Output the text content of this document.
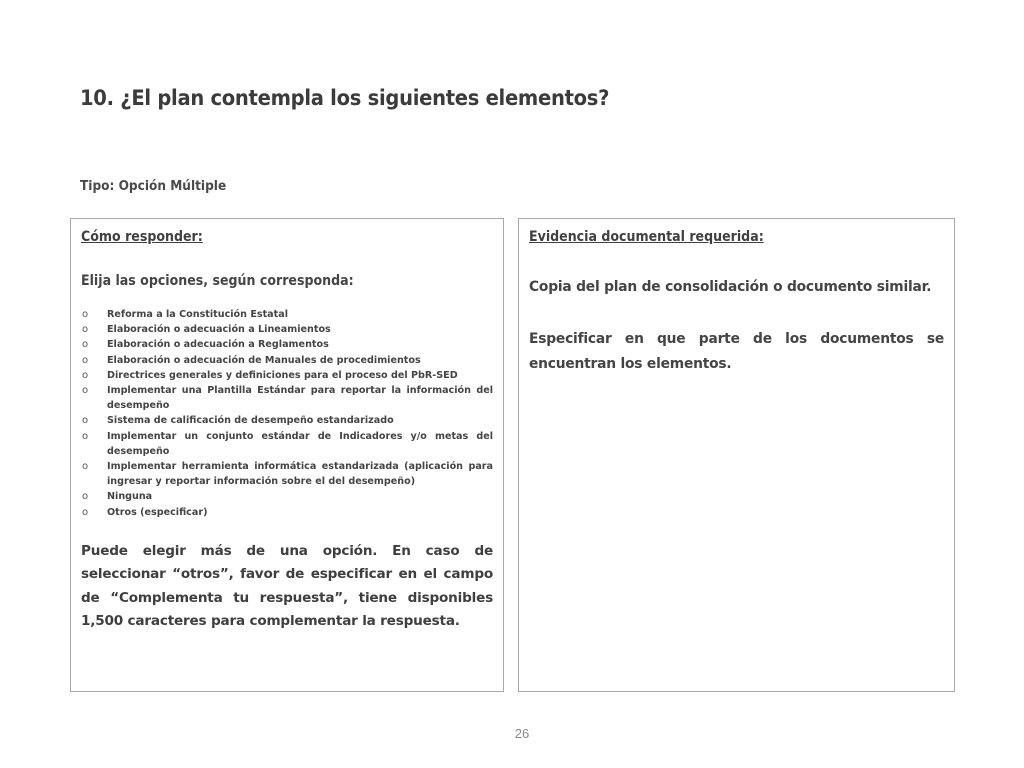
10. ¿El plan contempla los siguientes elementos?
Tipo: Opción Múltiple
Cómo responder:
Elija las opciones, según corresponda:
o Reforma a la Constitución Estatal
o Elaboración o adecuación a Lineamientos
o Elaboración o adecuación a Reglamentos
o Elaboración o adecuación de Manuales de procedimientos
o Directrices generales y definiciones para el proceso del PbR-SED
o Implementar una Plantilla Estándar para reportar la información del desempeño
o Sistema de calificación de desempeño estandarizado
o Implementar un conjunto estándar de Indicadores y/o metas del desempeño
o Implementar herramienta informática estandarizada (aplicación para ingresar y reportar información sobre el del desempeño)
o Ninguna
o Otros (especificar)
Puede elegir más de una opción. En caso de seleccionar “otros”, favor de especificar en el campo de “Complementa tu respuesta”, tiene disponibles 1,500 caracteres para complementar la respuesta.
Evidencia documental requerida:
Copia del plan de consolidación o documento similar.
Especificar en que parte de los documentos se encuentran los elementos.
26
